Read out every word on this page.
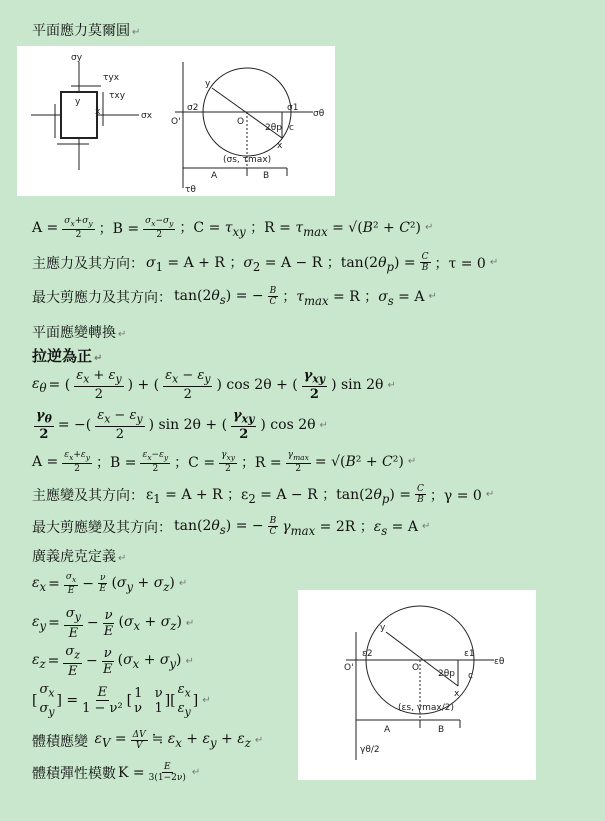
平面應力莫爾圓 ↵
σy
τyx
τxy
y
x	σx
σ2	σ1
O'	O
y
x
2θp
σθ
c
(σs, τmax)
A	B
τθ
$A = \frac{\sigma_x+\sigma_y}{2}$ ；$B = \frac{\sigma_x-\sigma_y}{2}$ ；$C = \tau_{xy}$ ；$R = \tau_{max} = √(B^2 + C^2)$ ↵
主應力及其方向： $\sigma_1 = A + R$ ；$\sigma_2 = A - R$ ；$\tan(2\theta_p) = \frac{C}{B}$ ；τ = 0 ↵
最大剪應力及其方向： $\tan(2\theta_s)$ = − $\frac{B}{C}$ ；$\tau_{max} = R$ ；$\sigma_s = A$ ↵
平面應變轉換 ↵
拉逆為正 ↵
$\varepsilon_\theta$ = ( $\frac{\varepsilon_x + \varepsilon_y}{2}$ ) + ( $\frac{\varepsilon_x - \varepsilon_y}{2}$ ) cos 2θ + ( $\frac{\gamma_{xy}}{2}$ ) sin 2θ ↵
$\frac{\gamma_\theta}{2}$ = −( $\frac{\varepsilon_x - \varepsilon_y}{2}$ ) sin 2θ + ( $\frac{\gamma_{xy}}{2}$ ) cos 2θ ↵
$A = \frac{\varepsilon_x+\varepsilon_y}{2}$ ；$B = \frac{\varepsilon_x-\varepsilon_y}{2}$ ；$C = \frac{\gamma_{xy}}{2}$ ；$R = \frac{\gamma_{max}}{2} = √(B^2 + C^2)$ ↵
主應變及其方向： $\varepsilon_1 = A + R$ ；$\varepsilon_2 = A - R$ ；$\tan(2\theta_p) = \frac{C}{B}$ ；γ = 0 ↵
最大剪應變及其方向： $\tan(2\theta_s)$ = − $\frac{B}{C} \gamma_{max} = 2R$ ；$\varepsilon_s = A$ ↵
廣義虎克定義 ↵
$\varepsilon_x = \frac{\sigma_x}{E} - \frac{\nu}{E} (\sigma_y + \sigma_z)$ ↵
$\varepsilon_y = \frac{\sigma_y}{E} - \frac{\nu}{E} (\sigma_x + \sigma_z)$ ↵
$\varepsilon_z = \frac{\sigma_z}{E} - \frac{\nu}{E} (\sigma_x + \sigma_y)$ ↵
[
$\sigma_x$
$\sigma_y$
] = $\frac{E}{\text{1 − ν²}}$ [ 1   ν
ν   1 ][
$\varepsilon_x$
$\varepsilon_y$
] ↵
體積應變 $\varepsilon_V = \frac{\Delta V}{V}$ ≒ $\varepsilon_x + \varepsilon_y + \varepsilon_z$ ↵
體積彈性模數 $K = \frac{E}{3(1-2\nu)}$ ↵
ε2	ε1
O'	O
y
x
2θp
εθ
c
(εs, γmax/2)
A	B
γθ/2
